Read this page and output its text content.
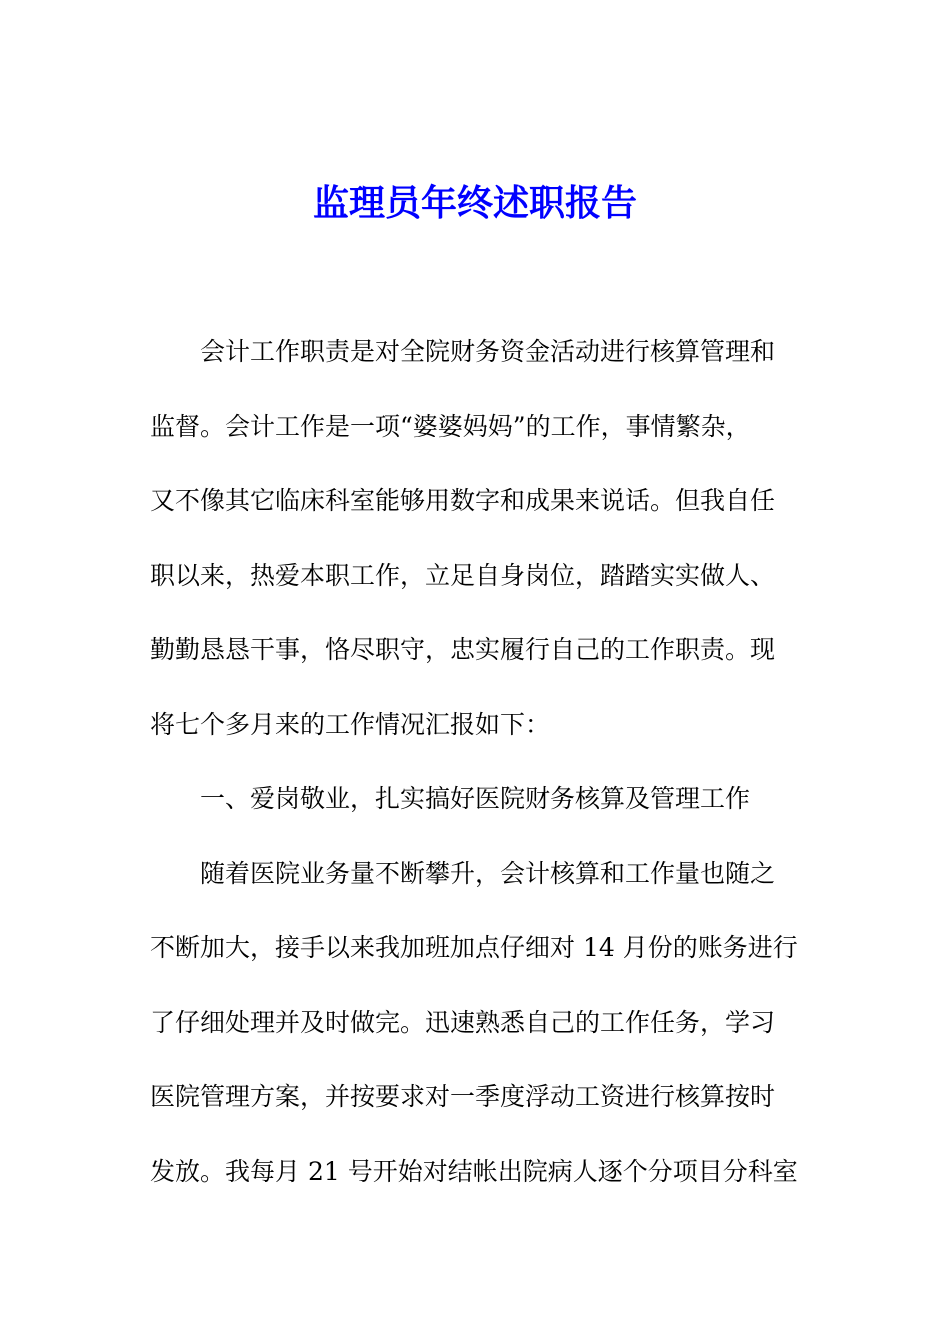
监理员年终述职报告
会计工作职责是对全院财务资金活动进行核算管理和
监督。会计工作是一项“婆婆妈妈”的工作，事情繁杂，
又不像其它临床科室能够用数字和成果来说话。但我自任
职以来，热爱本职工作，立足自身岗位，踏踏实实做人、
勤勤恳恳干事，恪尽职守，忠实履行自己的工作职责。现
将七个多月来的工作情况汇报如下：
一、爱岗敬业，扎实搞好医院财务核算及管理工作
随着医院业务量不断攀升，会计核算和工作量也随之
不断加大，接手以来我加班加点仔细对 14 月份的账务进行
了仔细处理并及时做完。迅速熟悉自己的工作任务，学习
医院管理方案，并按要求对一季度浮动工资进行核算按时
发放。我每月 21 号开始对结帐出院病人逐个分项目分科室
